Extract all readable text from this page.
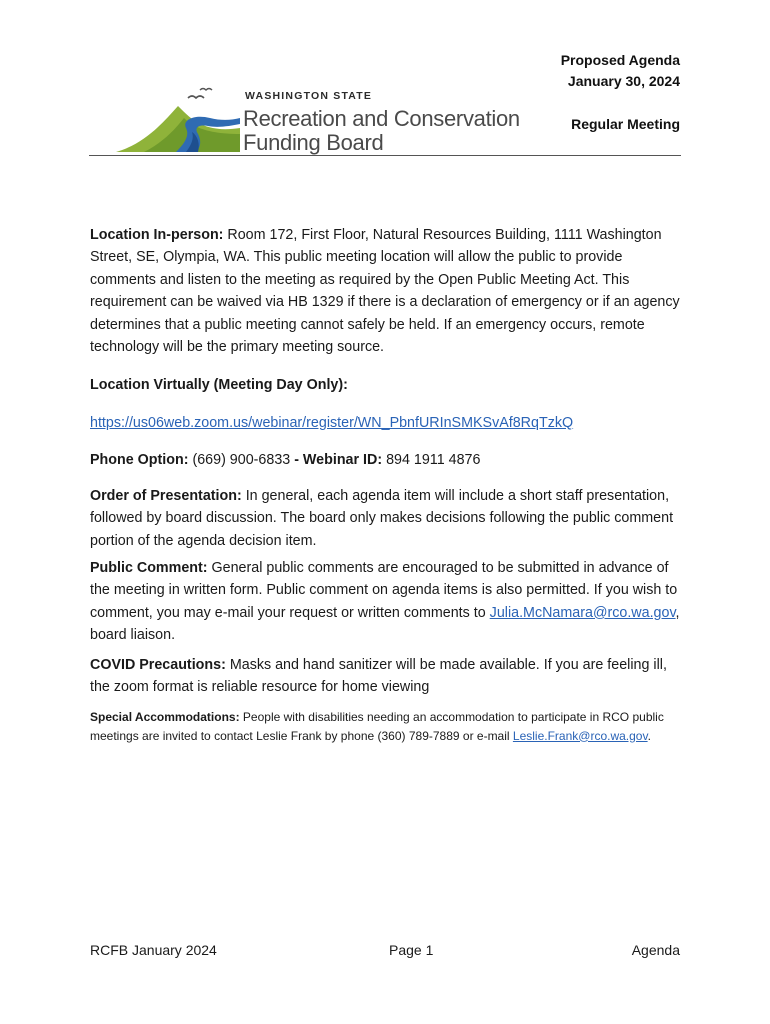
WASHINGTON STATE
Recreation and Conservation
Funding Board
Proposed Agenda
January 30, 2024
Regular Meeting
Location In-person: Room 172, First Floor, Natural Resources Building, 1111 Washington Street, SE, Olympia, WA. This public meeting location will allow the public to provide comments and listen to the meeting as required by the Open Public Meeting Act. This requirement can be waived via HB 1329 if there is a declaration of emergency or if an agency determines that a public meeting cannot safely be held. If an emergency occurs, remote technology will be the primary meeting source.
Location Virtually (Meeting Day Only):
https://us06web.zoom.us/webinar/register/WN_PbnfURInSMKSvAf8RqTzkQ
Phone Option: (669) 900-6833 - Webinar ID: 894 1911 4876
Order of Presentation: In general, each agenda item will include a short staff presentation, followed by board discussion. The board only makes decisions following the public comment portion of the agenda decision item.
Public Comment: General public comments are encouraged to be submitted in advance of the meeting in written form. Public comment on agenda items is also permitted. If you wish to comment, you may e-mail your request or written comments to Julia.McNamara@rco.wa.gov, board liaison.
COVID Precautions: Masks and hand sanitizer will be made available. If you are feeling ill, the zoom format is reliable resource for home viewing
Special Accommodations: People with disabilities needing an accommodation to participate in RCO public meetings are invited to contact Leslie Frank by phone (360) 789-7889 or e-mail Leslie.Frank@rco.wa.gov.
RCFB January 2024	Page 1	Agenda
